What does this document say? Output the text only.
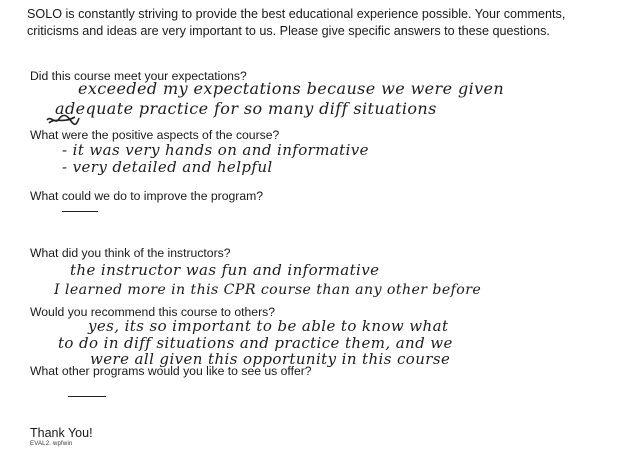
SOLO is constantly striving to provide the best educational experience possible. Your comments, criticisms and ideas are very important to us. Please give specific answers to these questions.
Did this course meet your expectations?
exceeded my expectations because we were given
adequate practice for so many diff situations
What were the positive aspects of the course?
- it was very hands on and informative
- very detailed and helpful
What could we do to improve the program?
What did you think of the instructors?
the instructor was fun and informative
I learned more in this CPR course than any other before
Would you recommend this course to others?
yes, its so important to be able to know what
to do in diff situations and practice them, and we
were all given this opportunity in this course
What other programs would you like to see us offer?
Thank You!
EVAL2. wpfwin
